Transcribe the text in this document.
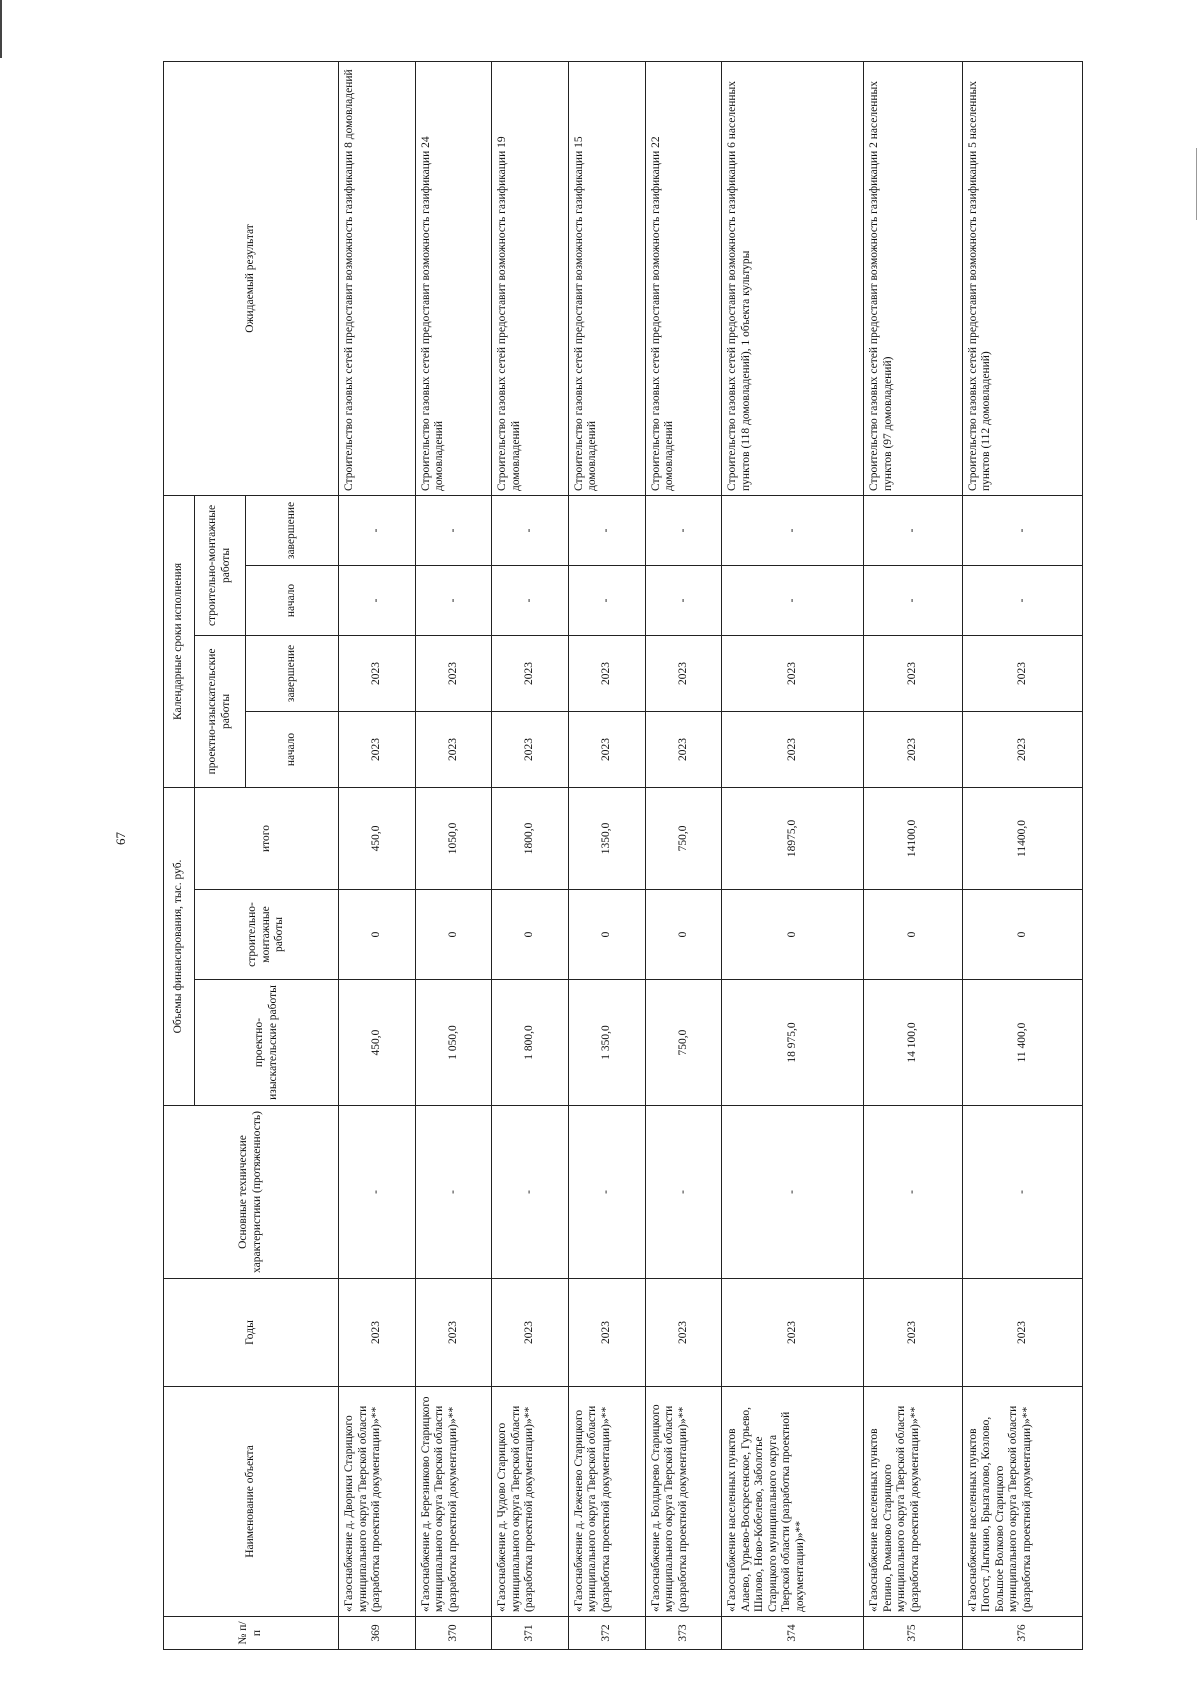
67
№ п/п	Наименование объекта	Годы	Основные технические характеристики (протяженность)	Объемы финансирования, тыс. руб.			Календарные сроки исполнения				Ожидаемый результат
				проектно-изыскательские работы	строительно-монтажные работы	итого	проектно-изыскательские работы		строительно-монтажные работы		
							начало	завершение	начало	завершение	
369	«Газоснабжение д. Дворики Старицкого муниципального округа Тверской области (разработка проектной документации)»**	2023	-	450,0	0	450,0	2023	2023	-	-	Строительство газовых сетей предоставит возможность газификации 8 домовладений
370	«Газоснабжение д. Березниково Старицкого муниципального округа Тверской области (разработка проектной документации)»**	2023	-	1 050,0	0	1050,0	2023	2023	-	-	Строительство газовых сетей предоставит возможность газификации 24 домовладений
371	«Газоснабжение д. Чудово Старицкого муниципального округа Тверской области (разработка проектной документации)»**	2023	-	1 800,0	0	1800,0	2023	2023	-	-	Строительство газовых сетей предоставит возможность газификации 19 домовладений
372	«Газоснабжение д. Леженево Старицкого муниципального округа Тверской области (разработка проектной документации)»**	2023	-	1 350,0	0	1350,0	2023	2023	-	-	Строительство газовых сетей предоставит возможность газификации 15 домовладений
373	«Газоснабжение д. Болдырево Старицкого муниципального округа Тверской области (разработка проектной документации)»**	2023	-	750,0	0	750,0	2023	2023	-	-	Строительство газовых сетей предоставит возможность газификации 22 домовладений
374	«Газоснабжение населенных пунктов Алаево, Гурьево-Воскресенское, Гурьево, Шилово, Ново-Кобелево, Заболотье Старицкого муниципального округа Тверской области (разработка проектной документации)»**	2023	-	18 975,0	0	18975,0	2023	2023	-	-	Строительство газовых сетей предоставит возможность газификации 6 населенных пунктов (118 домовладений), 1 объекта культуры
375	«Газоснабжение населенных пунктов Репино, Романово Старицкого муниципального округа Тверской области (разработка проектной документации)»**	2023	-	14 100,0	0	14100,0	2023	2023	-	-	Строительство газовых сетей предоставит возможность газификации 2 населенных пунктов (97 домовладений)
376	«Газоснабжение населенных пунктов Погост, Лыткино, Брызгалово, Козлово, Большое Волково Старицкого муниципального округа Тверской области (разработка проектной документации)»**	2023	-	11 400,0	0	11400,0	2023	2023	-	-	Строительство газовых сетей предоставит возможность газификации 5 населенных пунктов (112 домовладений)
